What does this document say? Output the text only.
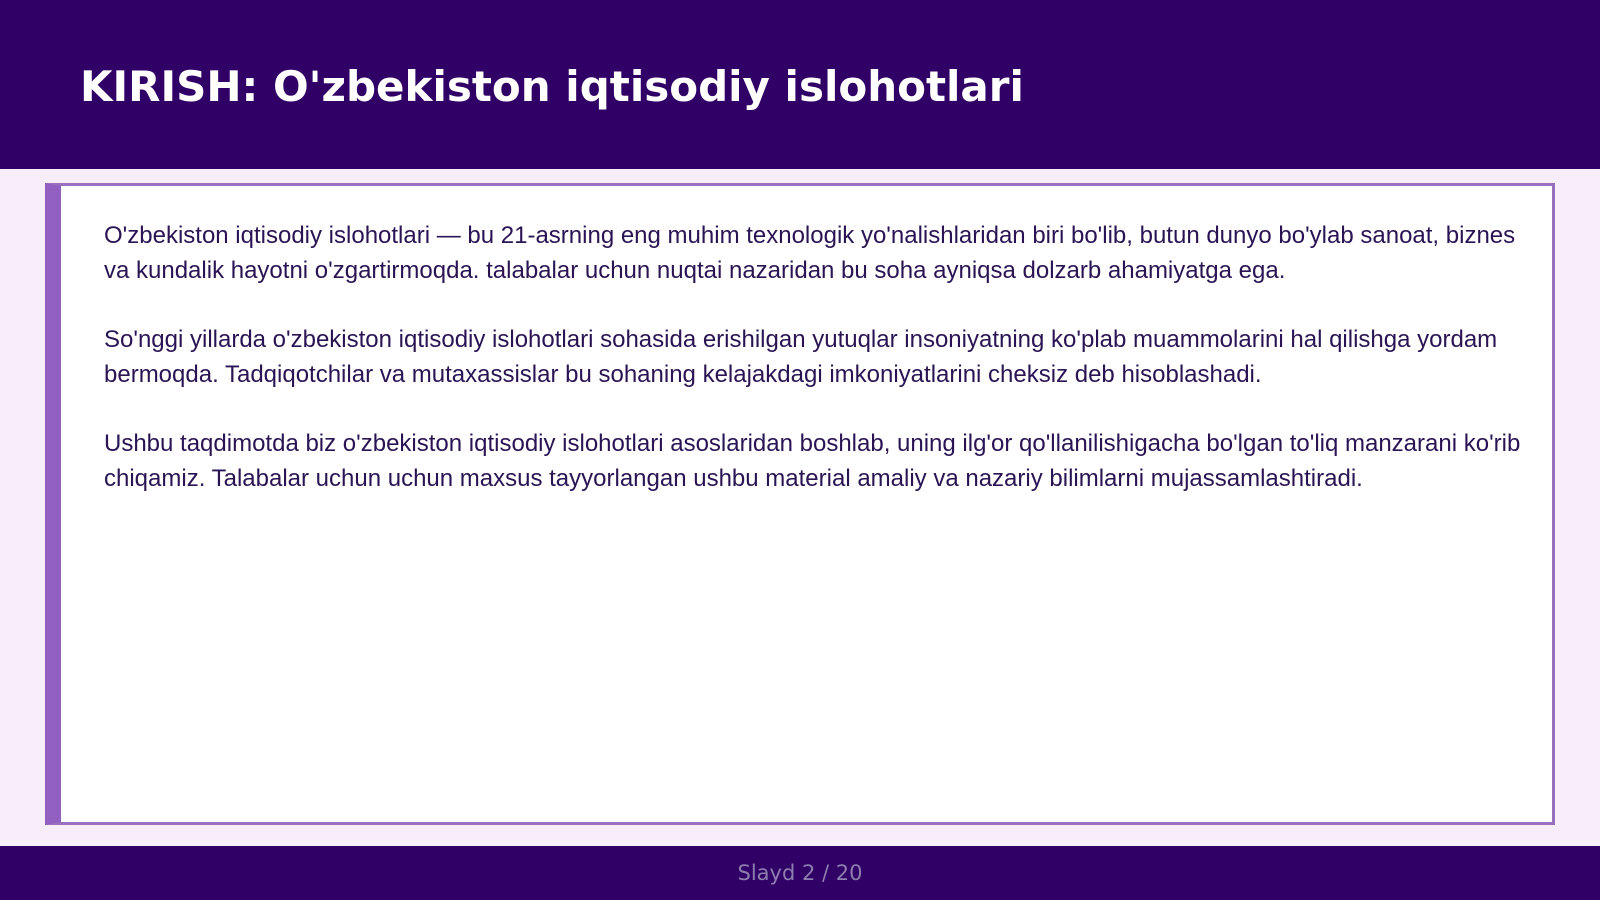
KIRISH: O'zbekiston iqtisodiy islohotlari

O'zbekiston iqtisodiy islohotlari — bu 21-asrning eng muhim texnologik yo'nalishlaridan biri bo'lib, butun dunyo bo'ylab sanoat, biznes va kundalik hayotni o'zgartirmoqda. talabalar uchun nuqtai nazaridan bu soha ayniqsa dolzarb ahamiyatga ega.

So'nggi yillarda o'zbekiston iqtisodiy islohotlari sohasida erishilgan yutuqlar insoniyatning ko'plab muammolarini hal qilishga yordam bermoqda. Tadqiqotchilar va mutaxassislar bu sohaning kelajakdagi imkoniyatlarini cheksiz deb hisoblashadi.

Ushbu taqdimotda biz o'zbekiston iqtisodiy islohotlari asoslaridan boshlab, uning ilg'or qo'llanilishigacha bo'lgan to'liq manzarani ko'rib chiqamiz. Talabalar uchun uchun maxsus tayyorlangan ushbu material amaliy va nazariy bilimlarni mujassamlashtiradi.

Slayd 2 / 20
